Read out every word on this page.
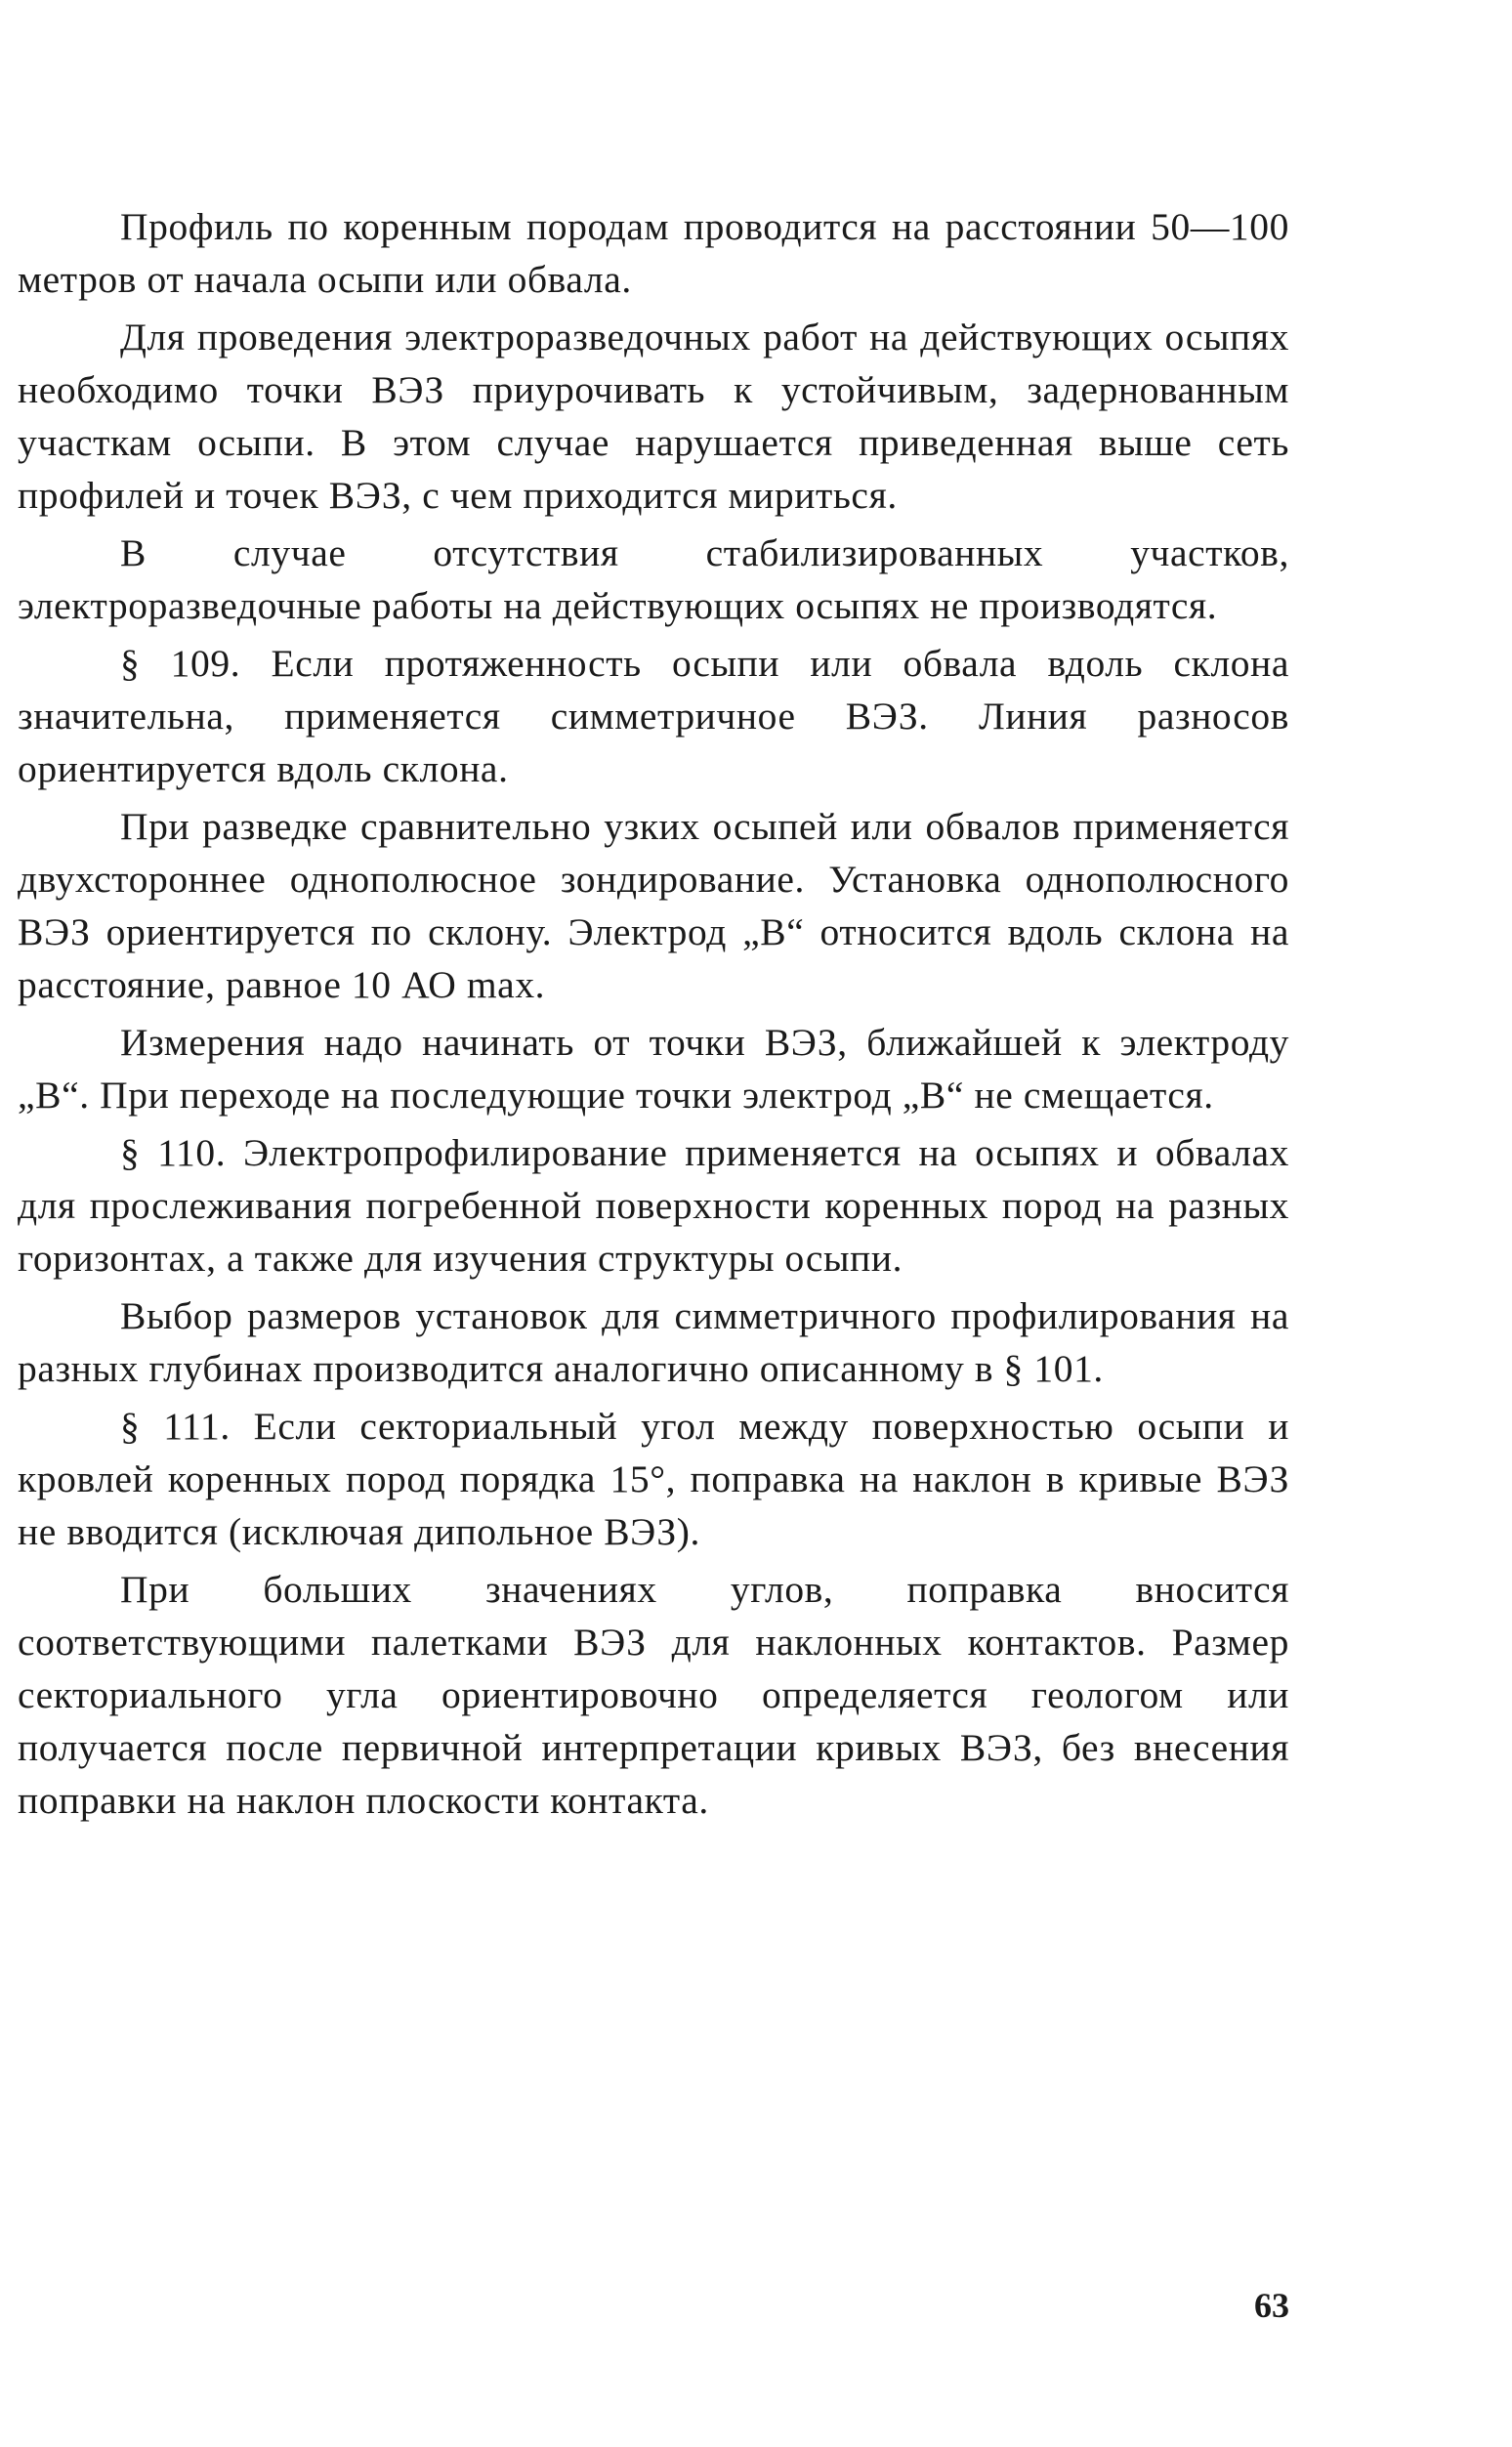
Профиль по коренным породам проводится на расстоянии 50—100 метров от начала осыпи или обвала.

Для проведения электроразведочных работ на действующих осыпях необходимо точки ВЭЗ приурочивать к устойчивым, задернованным участкам осыпи. В этом случае нарушается приведенная выше сеть профилей и точек ВЭЗ, с чем приходится мириться.

В случае отсутствия стабилизированных участков, электроразведочные работы на действующих осыпях не производятся.

§ 109. Если протяженность осыпи или обвала вдоль склона значительна, применяется симметричное ВЭЗ. Линия разносов ориентируется вдоль склона.

При разведке сравнительно узких осыпей или обвалов применяется двухстороннее однополюсное зондирование. Установка однополюсного ВЭЗ ориентируется по склону. Электрод „В“ относится вдоль склона на расстояние, равное 10 АО max.

Измерения надо начинать от точки ВЭЗ, ближайшей к электроду „В“. При переходе на последующие точки электрод „В“ не смещается.

§ 110. Электропрофилирование применяется на осыпях и обвалах для прослеживания погребенной поверхности коренных пород на разных горизонтах, а также для изучения структуры осыпи.

Выбор размеров установок для симметричного профилирования на разных глубинах производится аналогично описанному в § 101.

§ 111. Если секториальный угол между поверхностью осыпи и кровлей коренных пород порядка 15°, поправка на наклон в кривые ВЭЗ не вводится (исключая дипольное ВЭЗ).

При больших значениях углов, поправка вносится соответствующими палетками ВЭЗ для наклонных контактов. Размер секториального угла ориентировочно определяется геологом или получается после первичной интерпретации кривых ВЭЗ, без внесения поправки на наклон плоскости контакта.

63
